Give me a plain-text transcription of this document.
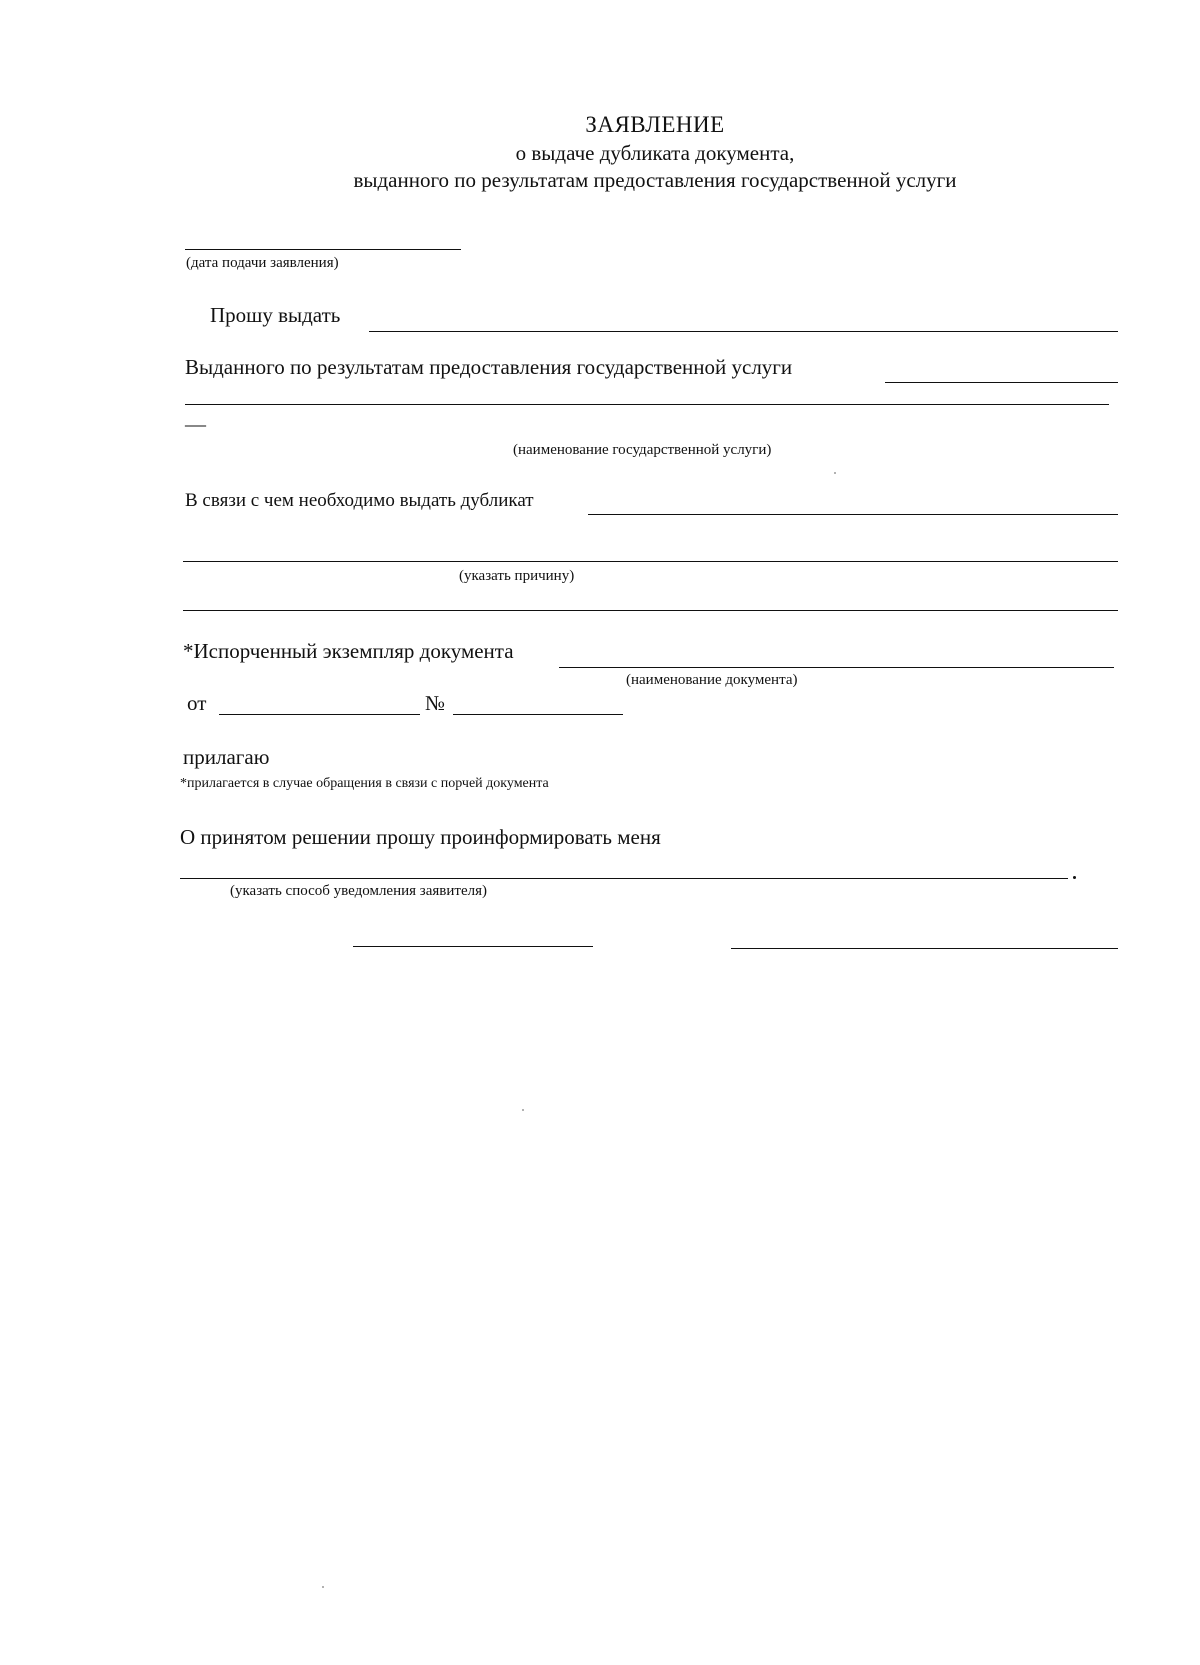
ЗАЯВЛЕНИЕ
о выдаче дубликата документа,
выданного по результатам предоставления государственной услуги
(дата подачи заявления)
Прошу выдать
Выданного по результатам предоставления государственной услуги
—
(наименование государственной услуги)
В связи с чем необходимо выдать дубликат
(указать причину)
*Испорченный экземпляр документа
(наименование документа)
от	№
прилагаю
*прилагается в случае обращения в связи с порчей документа
О принятом решении прошу проинформировать меня
(указать способ уведомления заявителя)
